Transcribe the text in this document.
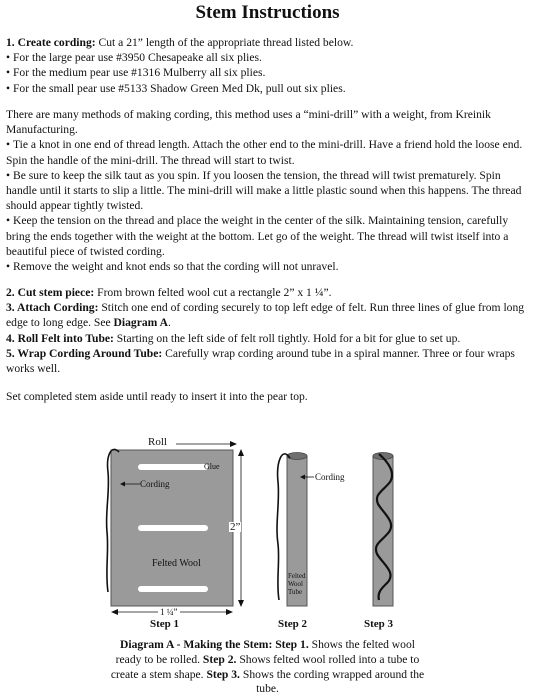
Stem Instructions

1. Create cording: Cut a 21” length of the appropriate thread listed below.

• For the large pear use #3950 Chesapeake all six plies.

• For the medium pear use #1316 Mulberry all six plies.

• For the small pear use #5133 Shadow Green Med Dk, pull out six plies.

There are many methods of making cording, this method uses a “mini-drill” with a weight, from Kreinik Manufacturing.

• Tie a knot in one end of thread length. Attach the other end to the mini-drill. Have a friend hold the loose end. Spin the handle of the mini-drill. The thread will start to twist.

• Be sure to keep the silk taut as you spin. If you loosen the tension, the thread will twist prematurely. Spin handle until it starts to slip a little. The mini-drill will make a little plastic sound when this happens. The thread should appear tightly twisted.

• Keep the tension on the thread and place the weight in the center of the silk. Maintaining tension, carefully bring the ends together with the weight at the bottom. Let go of the weight. The thread will twist itself into a beautiful piece of twisted cording.

• Remove the weight and knot ends so that the cording will not unravel.

2. Cut stem piece: From brown felted wool cut a rectangle 2” x 1 ¼”.

3. Attach Cording: Stitch one end of cording securely to top left edge of felt. Run three lines of glue from long edge to long edge. See Diagram A.

4. Roll Felt into Tube: Starting on the left side of felt roll tightly. Hold for a bit for glue to set up.

5. Wrap Cording Around Tube: Carefully wrap cording around tube in a spiral manner. Three or four wraps works well.

Set completed stem aside until ready to insert it into the pear top.
Roll
Glue
Cording
Felted Wool
2”
1 ¼”
Cording
Felted Wool Tube
Step 1	Step 2	Step 3
Diagram A - Making the Stem: Step 1. Shows the felted wool ready to be rolled. Step 2. Shows felted wool rolled into a tube to create a stem shape. Step 3. Shows the cording wrapped around the tube.
